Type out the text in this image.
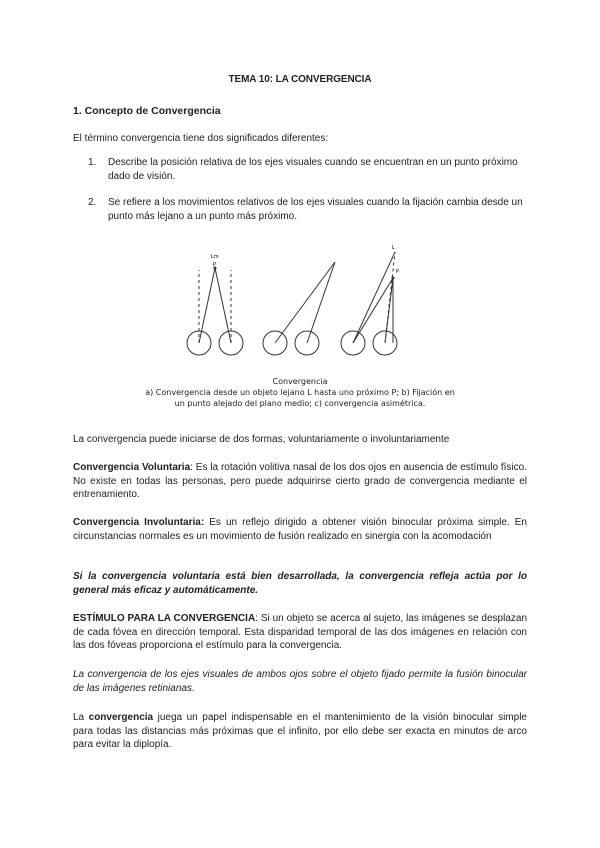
TEMA 10: LA CONVERGENCIA
1. Concepto de Convergencia
El término convergencia tiene dos significados diferentes:
1. Describe la posición relativa de los ejes visuales cuando se encuentran en un punto próximo dado de visión.
2. Se refiere a los movimientos relativos de los ejes visuales cuando la fijación cambia desde un punto más lejano a un punto más próximo.
Lm
P
L
P
Convergencia
a) Convergencia desde un objeto lejano L hasta uno próximo P; b) Fijación en
un punto alejado del plano medio; c) convergencia asimétrica.
La convergencia puede iniciarse de dos formas, voluntariamente o involuntariamente
Convergencia Voluntaria: Es la rotación volitiva nasal de los dos ojos en ausencia de estímulo físico. No existe en todas las personas, pero puede adquirirse cierto grado de convergencia mediante el entrenamiento.
Convergencia Involuntaria: Es un reflejo dirigido a obtener visión binocular próxima simple. En circunstancias normales es un movimiento de fusión realizado en sinergia con la acomodación
Si la convergencia voluntaria está bien desarrollada, la convergencia refleja actúa por lo general más eficaz y automáticamente.
ESTÍMULO PARA LA CONVERGENCIA: Si un objeto se acerca al sujeto, las imágenes se desplazan de cada fóvea en dirección temporal. Esta disparidad temporal de las dos imágenes en relación con las dos fóveas proporciona el estímulo para la convergencia.
La convergencia de los ejes visuales de ambos ojos sobre el objeto fijado permite la fusión binocular de las imágenes retinianas.
La convergencia juega un papel indispensable en el mantenimiento de la visión binocular simple para todas las distancias más próximas que el infinito, por ello debe ser exacta en minutos de arco para evitar la diplopía.
